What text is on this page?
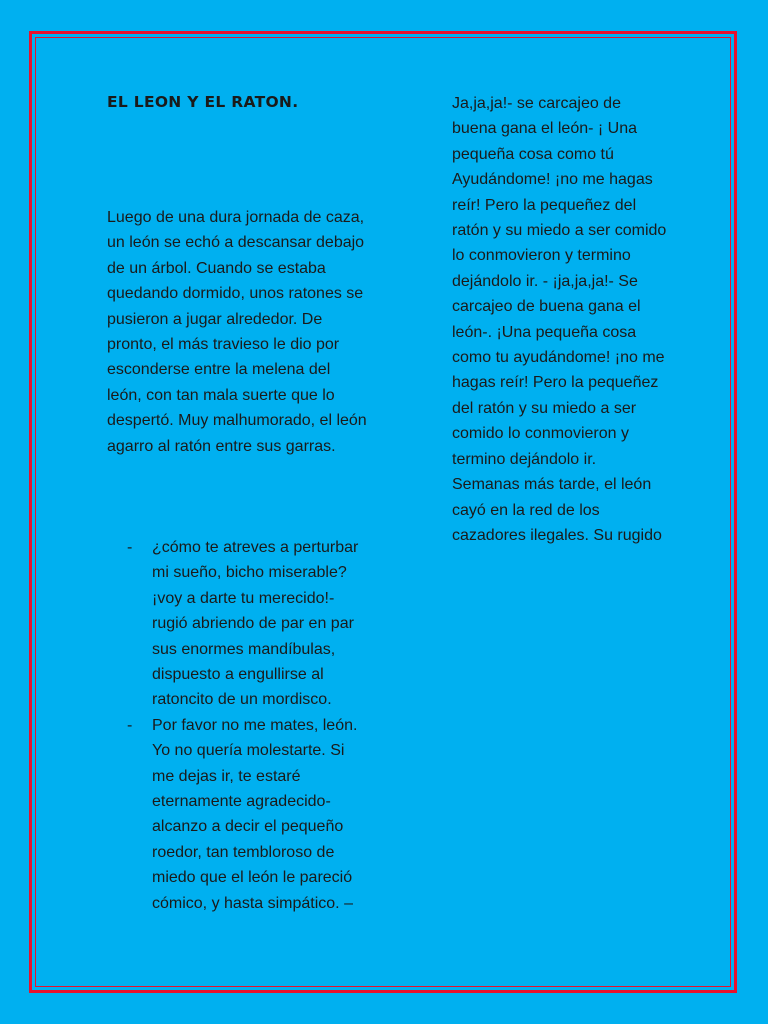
EL LEON Y EL RATON.

Luego de una dura jornada de caza, un león se echó a descansar debajo de un árbol. Cuando se estaba quedando dormido, unos ratones se pusieron a jugar alrededor. De pronto, el más travieso le dio por esconderse entre la melena del león, con tan mala suerte que lo despertó. Muy malhumorado, el león agarro al ratón entre sus garras.

- ¿cómo te atreves a perturbar mi sueño, bicho miserable? ¡voy a darte tu merecido!- rugió abriendo de par en par sus enormes mandíbulas, dispuesto a engullirse al ratoncito de un mordisco.
- Por favor no me mates, león. Yo no quería molestarte. Si me dejas ir, te estaré eternamente agradecido- alcanzo a decir el pequeño roedor, tan tembloroso de miedo que el león le pareció cómico, y hasta simpático. –

Ja,ja,ja!- se carcajeo de buena gana el león- ¡ Una pequeña cosa como tú Ayudándome! ¡no me hagas reír! Pero la pequeñez del ratón y su miedo a ser comido lo conmovieron y termino dejándolo ir. - ¡ja,ja,ja!- Se carcajeo de buena gana el león-. ¡Una pequeña cosa como tu ayudándome! ¡no me hagas reír! Pero la pequeñez del ratón y su miedo a ser comido lo conmovieron y termino dejándolo ir. Semanas más tarde, el león cayó en la red de los cazadores ilegales. Su rugido
